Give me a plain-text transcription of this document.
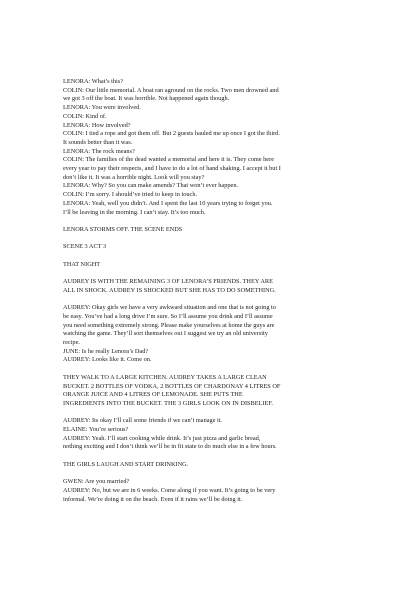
LENORA: What’s this?
COLIN: Our little memorial. A boat ran aground on the rocks. Two men drowned and
we got 3 off the boat. It was horrible. Not happened again though.
LENORA: You were involved.
COLIN: Kind of.
LENORA: How involved?
COLIN: I tied a rope and got them off. But 2 guests hauled me up once I got the third.
It sounds better than it was.
LENORA: The rock means?
COLIN: The families of the dead wanted a memorial and here it is. They come here
every year to pay their respects, and I have to do a lot of hand shaking. I accept it but I
don’t like it. It was a horrible night. Look will you stay?
LENORA: Why? So you can make amends? That won’t ever happen.
COLIN: I’m sorry. I should’ve tried to keep in touch.
LENORA: Yeah, well you didn’t. And I spent the last 10 years trying to forget you.
I’ll be leaving in the morning. I can’t stay. It’s too much.
LENORA STORMS OFF. THE SCENE ENDS
SCENE 3 ACT 3
THAT NIGHT
AUDREY IS WITH THE REMAINING 3 OF LENORA’S FRIENDS. THEY ARE
ALL IN SHOCK. AUDREY IS SHOCKED BUT SHE HAS TO DO SOMETHING.
AUDREY: Okay girls we have a very awkward situation and one that is not going to
be easy. You’ve had a long drive I’m sure. So I’ll assume you drink and I’ll assume
you need something extremely strong. Please make yourselves at home the guys are
watching the game. They’ll sort themselves out I suggest we try an old university
recipe.
JUNE: Is he really Lenora’s Dad?
AUDREY: Looks like it. Come on.
THEY WALK TO A LARGE KITCHEN. AUDREY TAKES A LARGE CLEAN
BUCKET. 2 BOTTLES OF VODKA, 2 BOTTLES OF CHARDONAY 4 LITRES OF
ORANGE JUICE AND 4 LITRES OF LEMONADE. SHE PUTS THE
INGREDIENTS INTO THE BUCKET. THE 3 GIRLS LOOK ON IN DISBELIEF.
AUDREY: Its okay I’ll call some friends if we can’t manage it.
ELAINE: You’re serious?
AUDREY: Yeah. I’ll start cooking while drink. It’s just pizza and garlic bread,
nothing exciting and I don’t think we’ll be in fit state to do much else in a few hours.
THE GIRLS LAUGH AND START DRINKING.
GWEN: Are you married?
AUDREY: No, but we are in 6 weeks. Come along if you want. It’s going to be very
informal. We’re doing it on the beach. Even if it rains we’ll be doing it.
